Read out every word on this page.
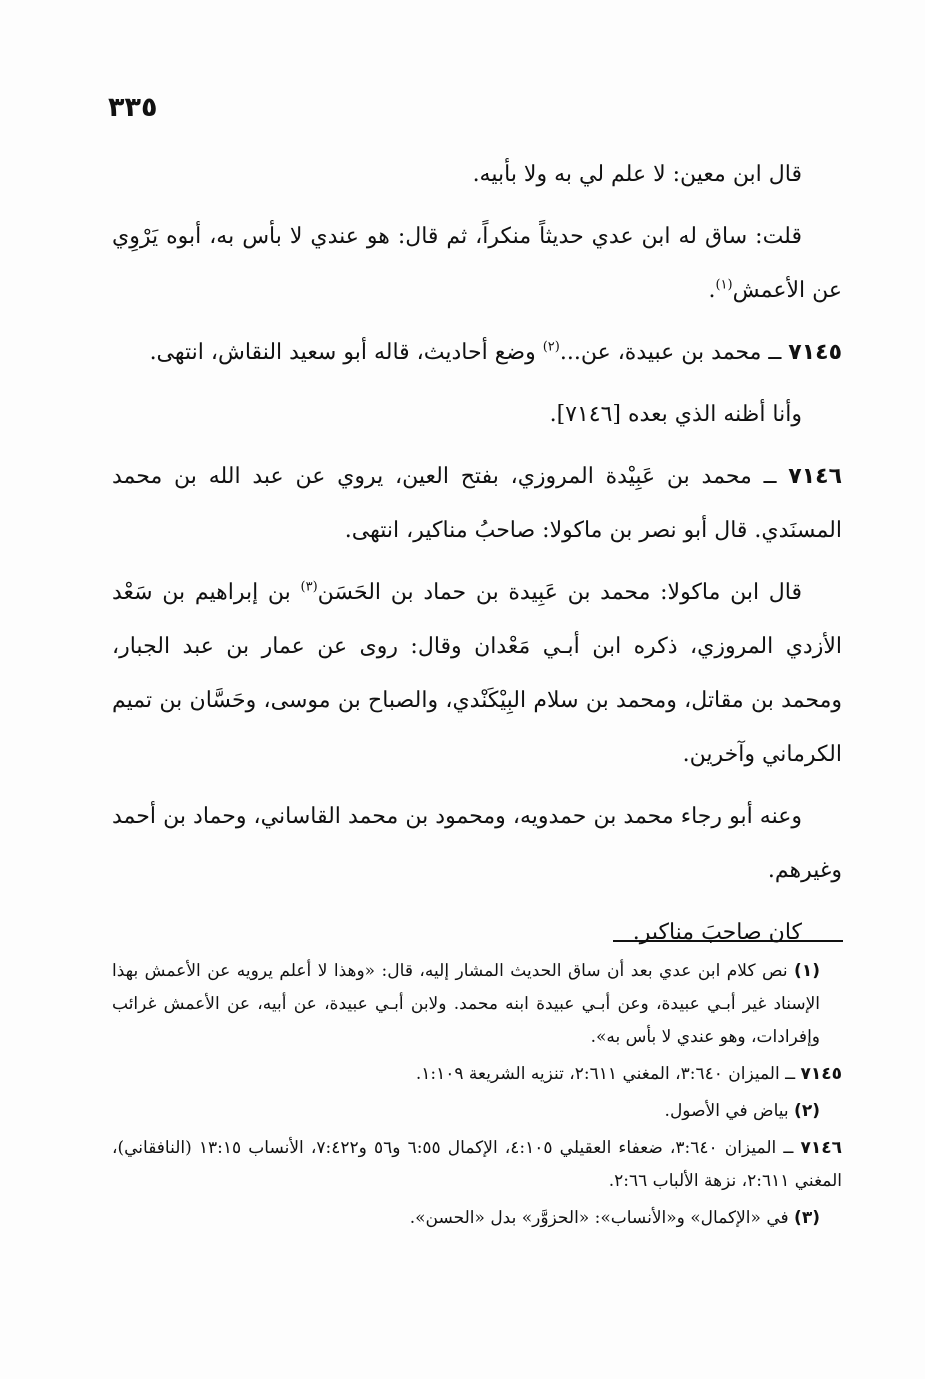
٣٣٥

قال ابن معين: لا علم لي به ولا بأبيه.

قلت: ساق له ابن عدي حديثاً منكراً، ثم قال: هو عندي لا بأس به، أبوه يَرْوِي عن الأعمش$^{(١)}$.

٧١٤٥ ــ محمد بن عبيدة، عن...$^{(٢)}$ وضع أحاديث، قاله أبو سعيد النقاش، انتهى.

وأنا أظنه الذي بعده [٧١٤٦].

٧١٤٦ ــ محمد بن عَبِيْدة المروزي، بفتح العين، يروي عن عبد الله بن محمد المسنَدي. قال أبو نصر بن ماكولا: صاحبُ مناكير، انتهى.

قال ابن ماكولا: محمد بن عَبِيدة بن حماد بن الحَسَن$^{(٣)}$ بن إبراهيم بن سَعْد الأزدي المروزي، ذكره ابن أبـي مَعْدان وقال: روى عن عمار بن عبد الجبار، ومحمد بن مقاتل، ومحمد بن سلام البِيْكَنْدي، والصباح بن موسى، وحَسَّان بن تميم الكرماني وآخرين.

وعنه أبو رجاء محمد بن حمدويه، ومحمود بن محمد القاساني، وحماد بن أحمد وغيرهم.

كان صاحبَ مناكير.

(١) نص كلام ابن عدي بعد أن ساق الحديث المشار إليه، قال: «وهذا لا أعلم يرويه عن الأعمش بهذا الإسناد غير أبـي عبيدة، وعن أبـي عبيدة ابنه محمد. ولابن أبـي عبيدة، عن أبيه، عن الأعمش غرائب وإفرادات، وهو عندي لا بأس به».
٧١٤٥ ــ الميزان ٣:٦٤٠، المغني ٢:٦١١، تنزيه الشريعة ١:١٠٩.
(٢) بياض في الأصول.
٧١٤٦ ــ الميزان ٣:٦٤٠، ضعفاء العقيلي ٤:١٠٥، الإكمال ٦:٥٥ و٥٦ و٧:٤٢٢، الأنساب ١٣:١٥ (النافقاني)، المغني ٢:٦١١، نزهة الألباب ٢:٦٦.
(٣) في «الإكمال» و«الأنساب»: «الحزوَّر» بدل «الحسن».
